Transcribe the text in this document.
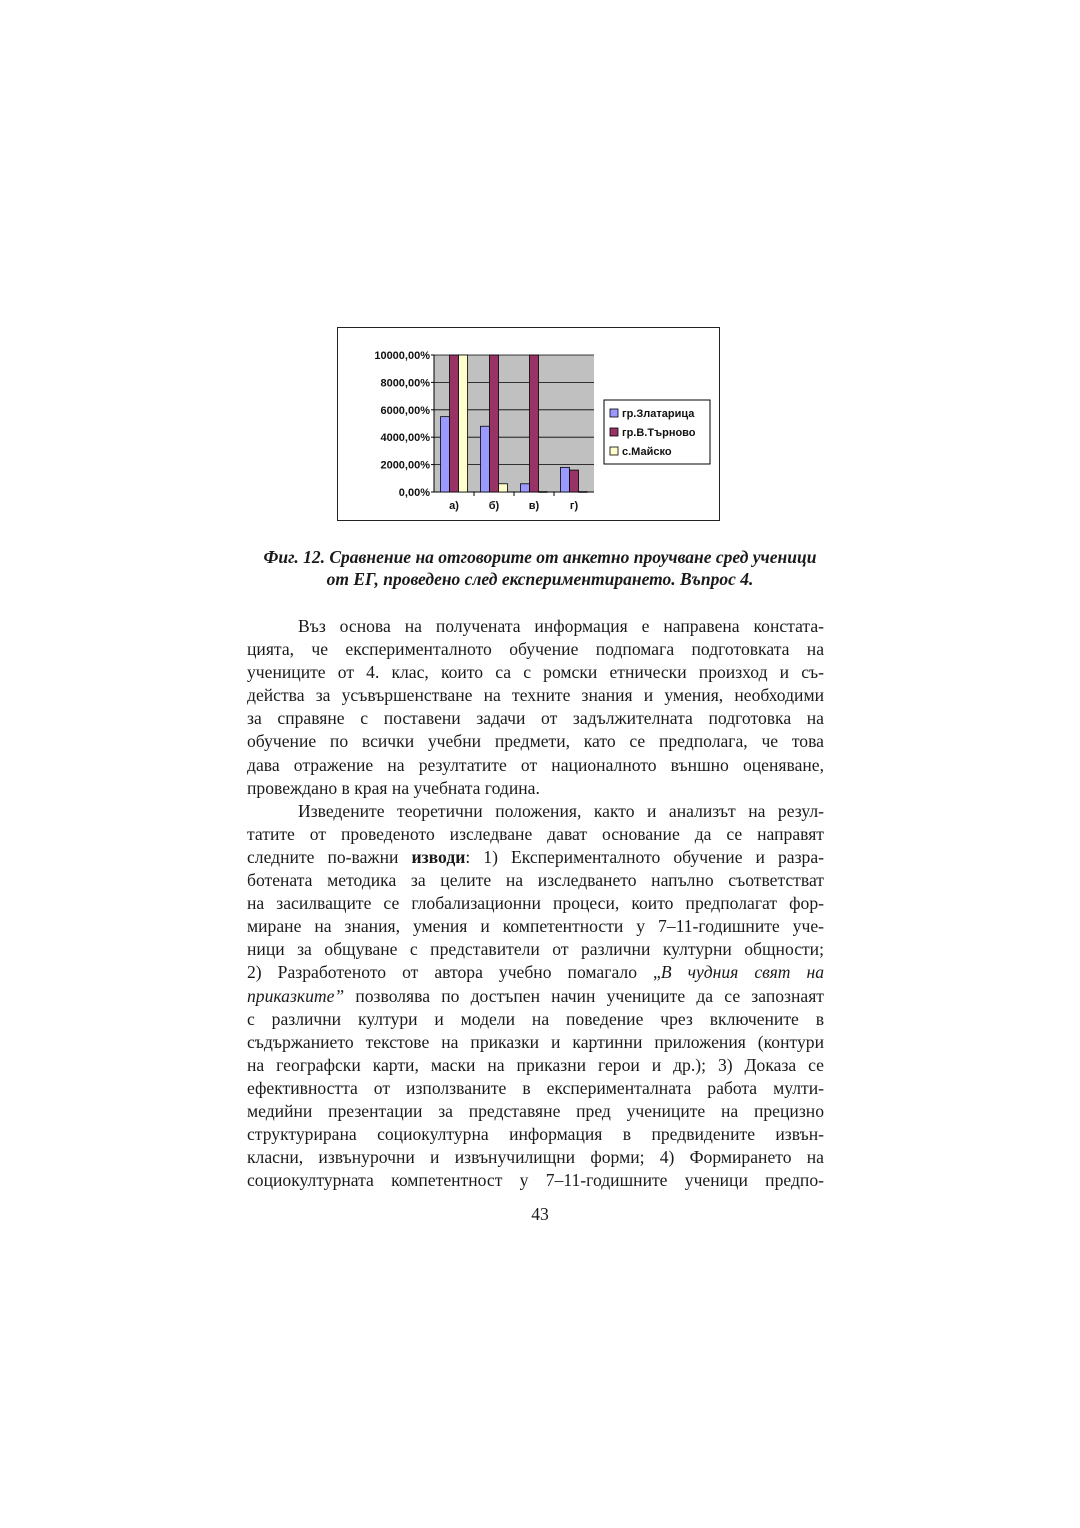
0,00%
2000,00%
4000,00%
6000,00%
8000,00%
10000,00%
а)	б)	в)	г)
гр.Златарица
гр.В.Търново
с.Майско
Фиг. 12. Сравнение на отговорите от анкетно проучване сред ученици
от ЕГ, проведено след експериментирането. Въпрос 4.
Въз основа на получената информация е направена констата-
цията, че експерименталното обучение подпомага подготовката на
учениците от 4. клас, които са с ромски етнически произход и съ-
действа за усъвършенстване на техните знания и умения, необходими
за справяне с поставени задачи от задължителната подготовка на
обучение по всички учебни предмети, като се предполага, че това
дава отражение на резултатите от националното външно оценяване,
провеждано в края на учебната година.
Изведените теоретични положения, както и анализът на резул-
татите от проведеното изследване дават основание да се направят
следните по-важни изводи: 1) Експерименталното обучение и разра-
ботената методика за целите на изследването напълно съответстват
на засилващите се глобализационни процеси, които предполагат фор-
миране на знания, умения и компетентности у 7–11-годишните уче-
ници за общуване с представители от различни културни общности;
2) Разработеното от автора учебно помагало „В чудния свят на
приказките” позволява по достъпен начин учениците да се запознаят
с различни култури и модели на поведение чрез включените в
съдържанието текстове на приказки и картинни приложения (контури
на географски карти, маски на приказни герои и др.); 3) Доказа се
ефективността от използваните в експерименталната работа мулти-
медийни презентации за представяне пред учениците на прецизно
структурирана социокултурна информация в предвидените извън-
класни, извънурочни и извънучилищни форми; 4) Формирането на
социокултурната компетентност у 7–11-годишните ученици предпо-
43
